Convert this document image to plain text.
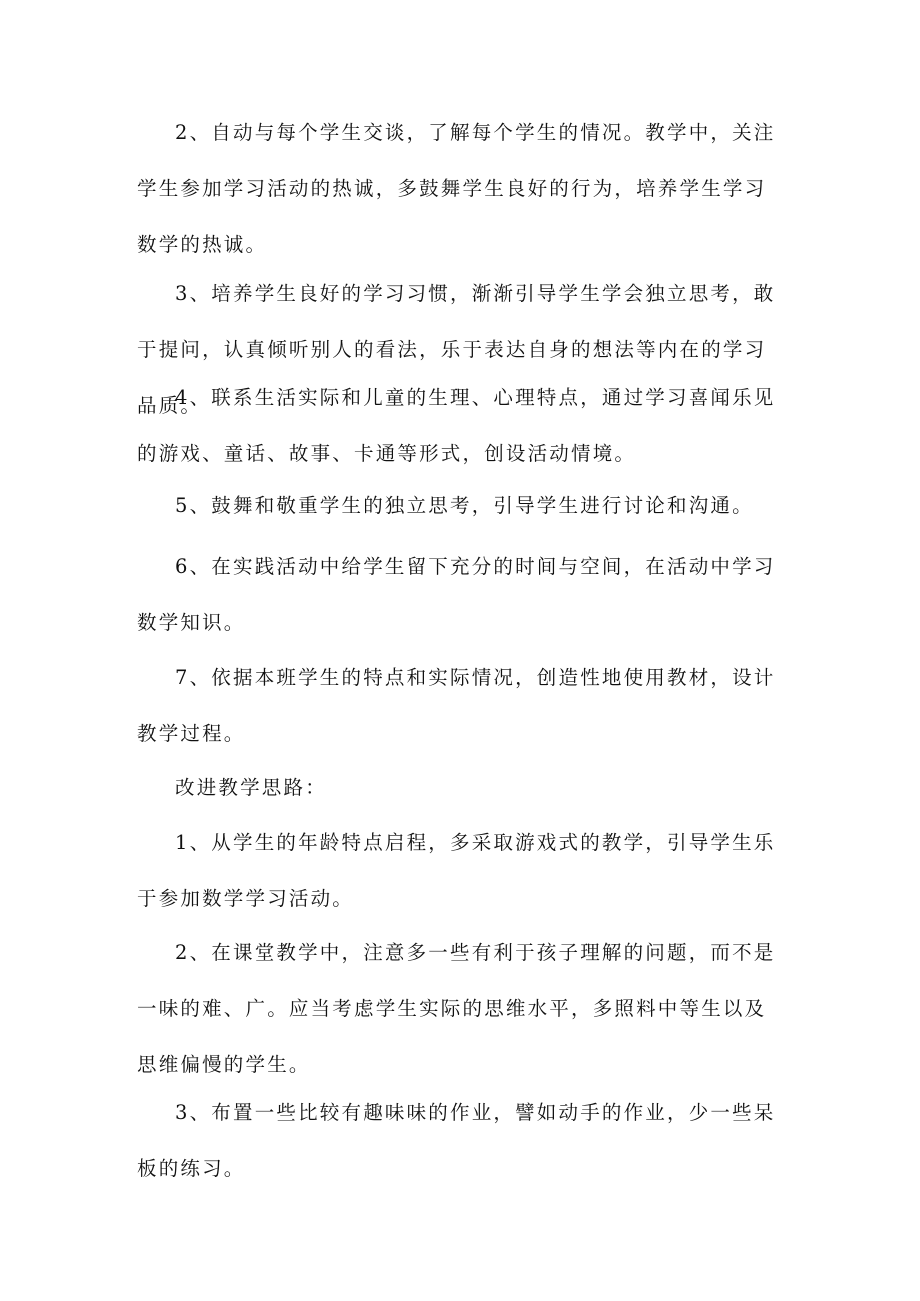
2、自动与每个学生交谈，了解每个学生的情况。教学中，关注学生参加学习活动的热诚，多鼓舞学生良好的行为，培养学生学习数学的热诚。

3、培养学生良好的学习习惯，渐渐引导学生学会独立思考，敢于提问，认真倾听别人的看法，乐于表达自身的想法等内在的学习品质。

4、联系生活实际和儿童的生理、心理特点，通过学习喜闻乐见的游戏、童话、故事、卡通等形式，创设活动情境。

5、鼓舞和敬重学生的独立思考，引导学生进行讨论和沟通。

6、在实践活动中给学生留下充分的时间与空间，在活动中学习数学知识。

7、依据本班学生的特点和实际情况，创造性地使用教材，设计教学过程。

改进教学思路：

1、从学生的年龄特点启程，多采取游戏式的教学，引导学生乐于参加数学学习活动。

2、在课堂教学中，注意多一些有利于孩子理解的问题，而不是一味的难、广。应当考虑学生实际的思维水平，多照料中等生以及思维偏慢的学生。

3、布置一些比较有趣味味的作业，譬如动手的作业，少一些呆板的练习。
